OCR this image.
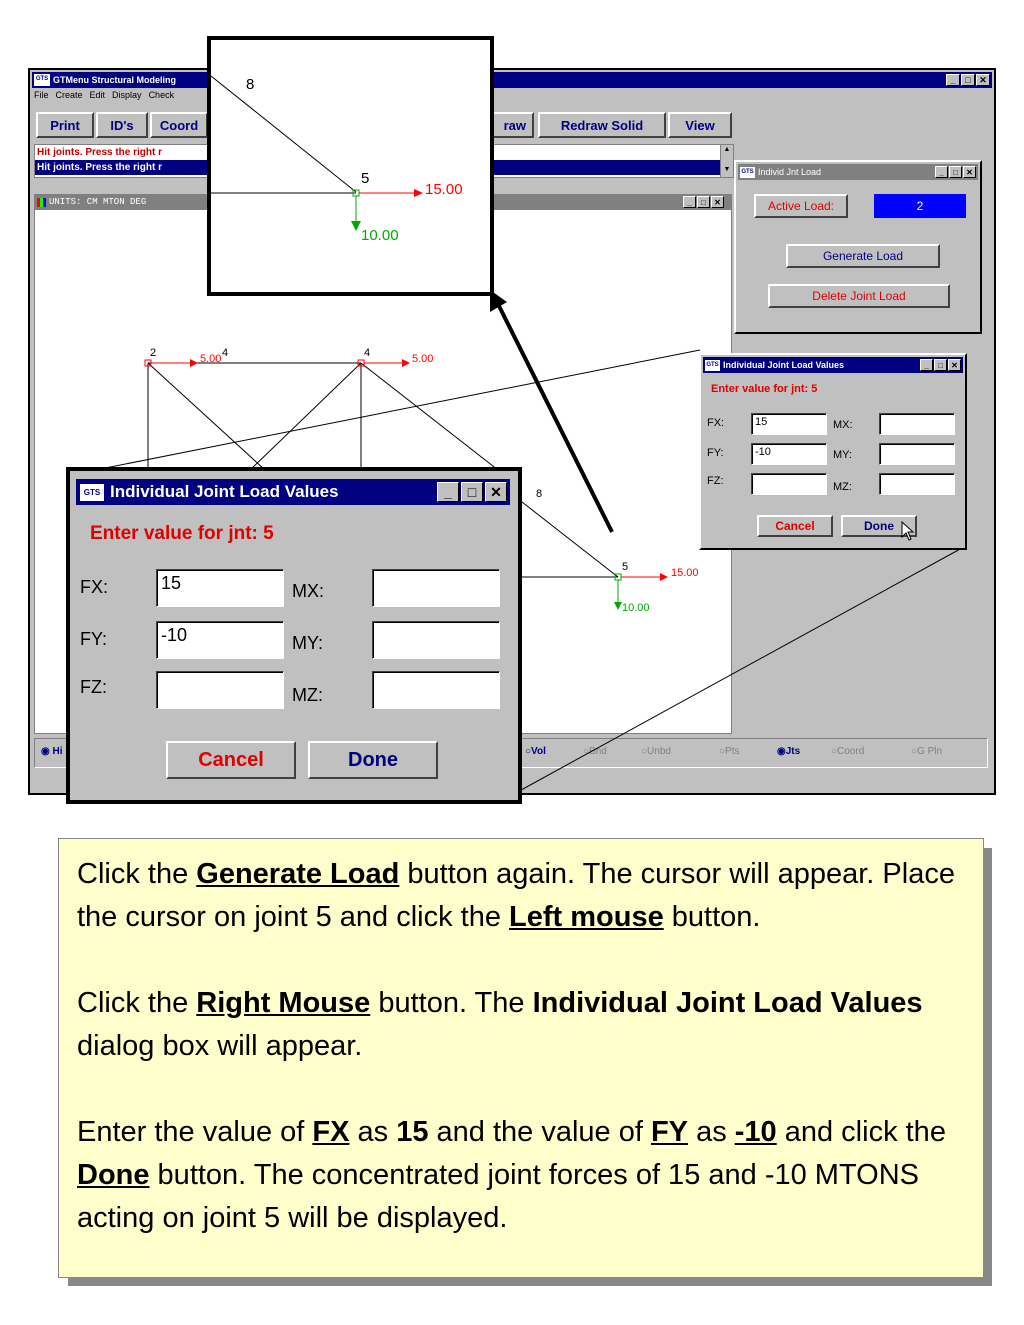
GTS GTMenu Structural Modeling	_	□ ✕
File Create Edit Display Check
Print	ID's	Coord	raw	Redraw Solid	View
Hit joints. Press the right r
Hit joints. Press the right r
▲
▼
UNITS: CM MTON DEG	_	□	✕
◉ Hi	○Vol	○Bnd	○Unbd	○Pts	◉Jts	○Coord	○G Pln
2	4	4
5.00	5.00
8
5	15.00
10.00
8
5
15.00
10.00
GTS Individ Jnt Load	_	□	✕
Active Load:	2
Generate Load
Delete Joint Load
GTS Individual Joint Load Values	_	□	✕
Enter value for jnt: 5
FX:	15	MX:
FY:	-10	MY:
FZ:	MZ:
Cancel	Done
GTS Individual Joint Load Values	_	□ ✕
Enter value for jnt: 5
FX:	15	MX:
FY:	-10	MY:
FZ:	MZ:
Cancel	Done

Click the Generate Load button again. The cursor will appear. Place the cursor on joint 5 and click the Left mouse button.

Click the Right Mouse button. The Individual Joint Load Values dialog box will appear.

Enter the value of FX as 15 and the value of FY as -10 and click the Done button. The concentrated joint forces of 15 and -10 MTONS acting on joint 5 will be displayed.
